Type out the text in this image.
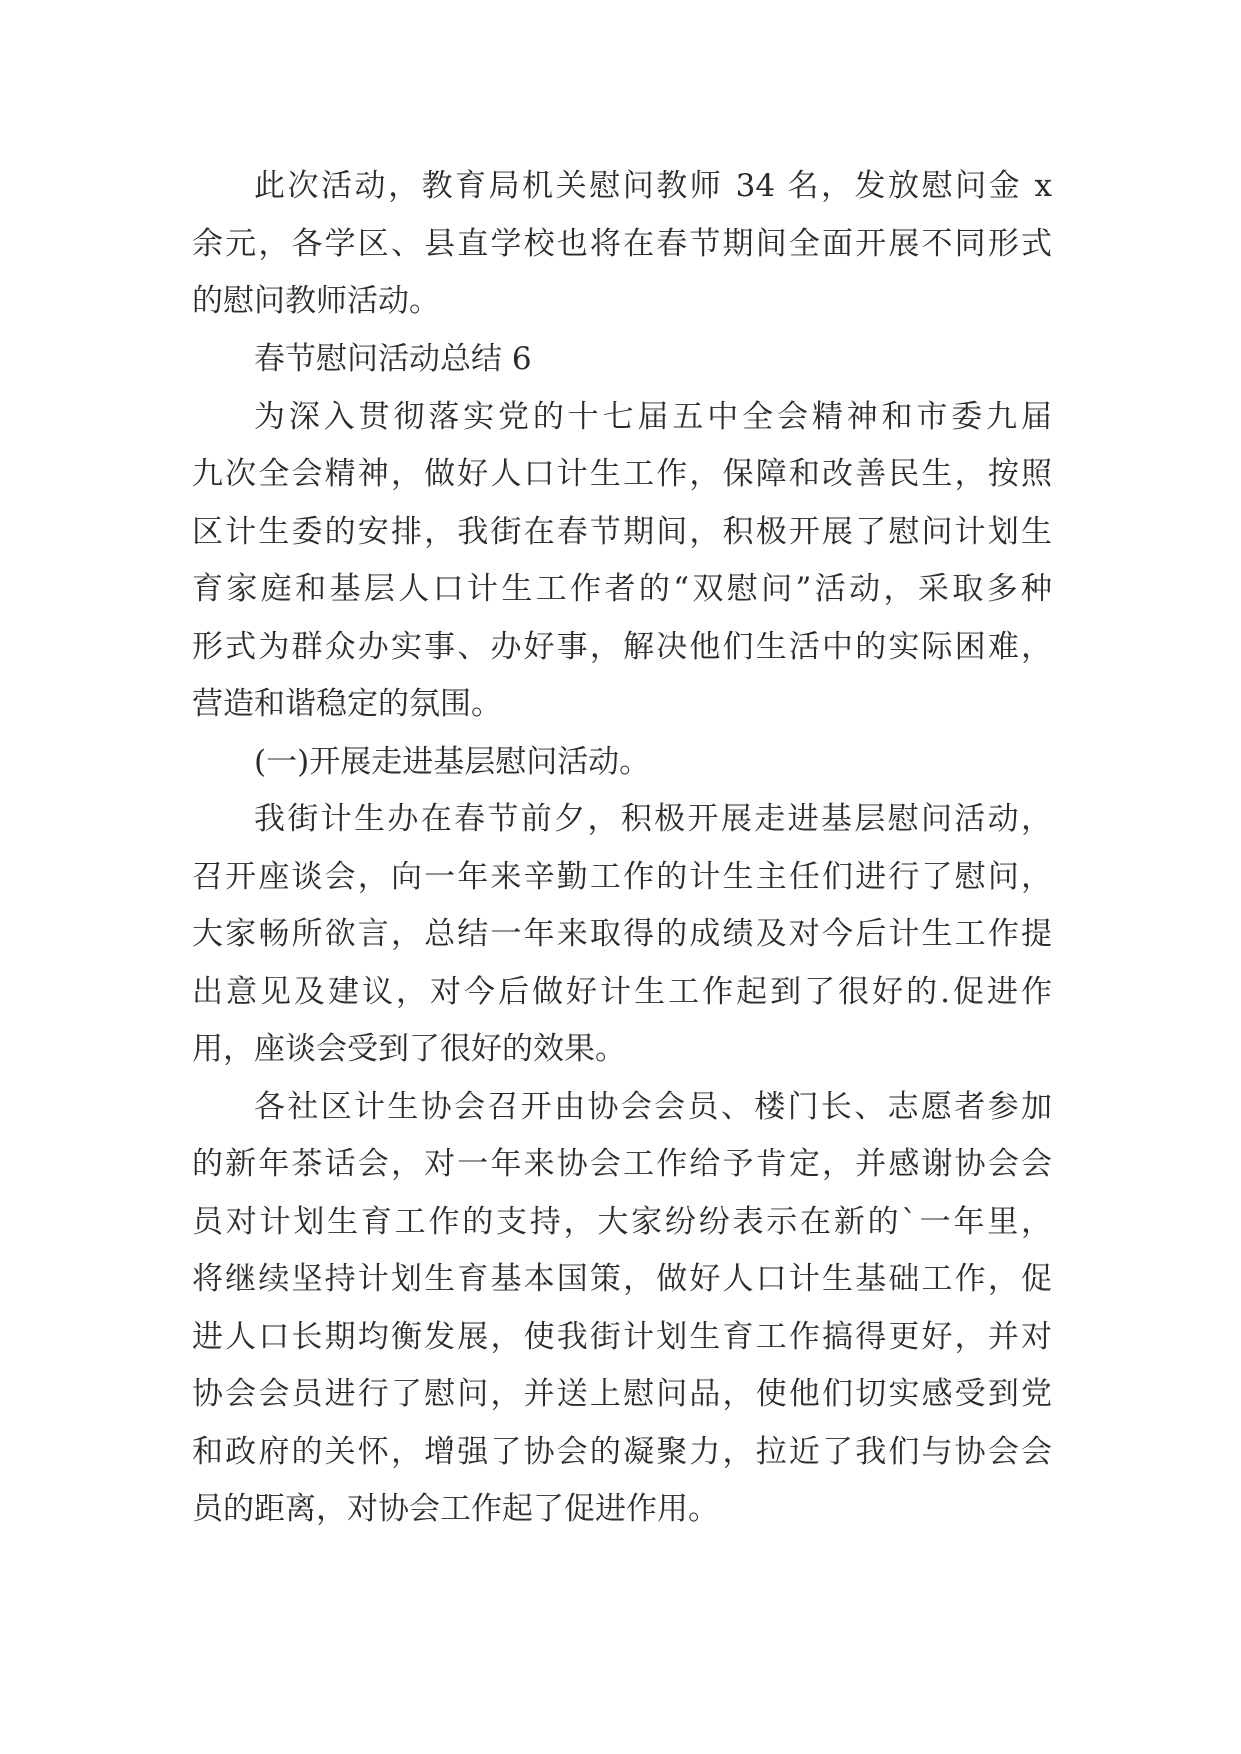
此次活动，教育局机关慰问教师 34 名，发放慰问金 x
余元，各学区、县直学校也将在春节期间全面开展不同形式
的慰问教师活动。
春节慰问活动总结 6
为深入贯彻落实党的十七届五中全会精神和市委九届
九次全会精神，做好人口计生工作，保障和改善民生，按照
区计生委的安排，我街在春节期间，积极开展了慰问计划生
育家庭和基层人口计生工作者的“双慰问”活动，采取多种
形式为群众办实事、办好事，解决他们生活中的实际困难，
营造和谐稳定的氛围。
(一)开展走进基层慰问活动。
我街计生办在春节前夕，积极开展走进基层慰问活动，
召开座谈会，向一年来辛勤工作的计生主任们进行了慰问，
大家畅所欲言，总结一年来取得的成绩及对今后计生工作提
出意见及建议，对今后做好计生工作起到了很好的.促进作
用，座谈会受到了很好的效果。
各社区计生协会召开由协会会员、楼门长、志愿者参加
的新年茶话会，对一年来协会工作给予肯定，并感谢协会会
员对计划生育工作的支持，大家纷纷表示在新的`一年里，
将继续坚持计划生育基本国策，做好人口计生基础工作，促
进人口长期均衡发展，使我街计划生育工作搞得更好，并对
协会会员进行了慰问，并送上慰问品，使他们切实感受到党
和政府的关怀，增强了协会的凝聚力，拉近了我们与协会会
员的距离，对协会工作起了促进作用。
